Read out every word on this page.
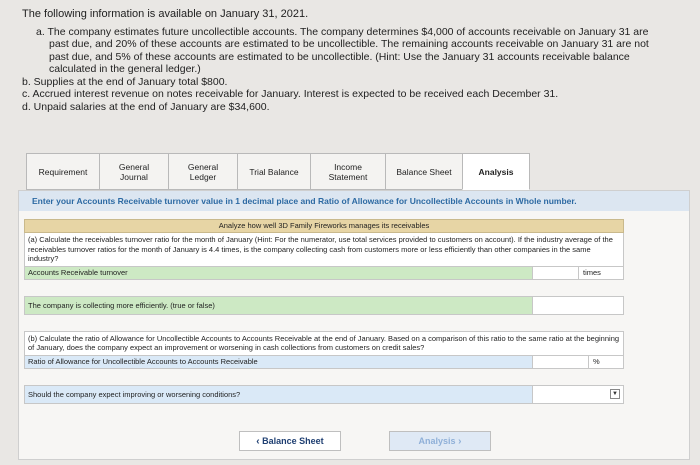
The following information is available on January 31, 2021.
a. The company estimates future uncollectible accounts. The company determines $4,000 of accounts receivable on January 31 are
past due, and 20% of these accounts are estimated to be uncollectible. The remaining accounts receivable on January 31 are not
past due, and 5% of these accounts are estimated to be uncollectible. (Hint: Use the January 31 accounts receivable balance
calculated in the general ledger.)
b. Supplies at the end of January total $800.
c. Accrued interest revenue on notes receivable for January. Interest is expected to be received each December 31.
d. Unpaid salaries at the end of January are $34,600.
Requirement	General
Journal
General
Ledger	Trial Balance	Income
Statement	Balance Sheet	Analysis
Enter your Accounts Receivable turnover value in 1 decimal place and Ratio of Allowance for Uncollectible Accounts in Whole number.
Analyze how well 3D Family Fireworks manages its receivables
(a) Calculate the receivables turnover ratio for the month of January (Hint: For the numerator, use total services provided to customers on account). If the industry average of the receivables turnover ratios for the month of January is 4.4 times, is the company collecting cash from customers more or less efficiently than other companies in the same industry?
Accounts Receivable turnover	times
The company is collecting more efficiently. (true or false)
(b) Calculate the ratio of Allowance for Uncollectible Accounts to Accounts Receivable at the end of January. Based on a comparison of this ratio to the same ratio at the beginning of January, does the company expect an improvement or worsening in cash collections from customers on credit sales?
Ratio of Allowance for Uncollectible Accounts to Accounts Receivable	%
Should the company expect improving or worsening conditions?	▼
‹ Balance Sheet	Analysis ›
